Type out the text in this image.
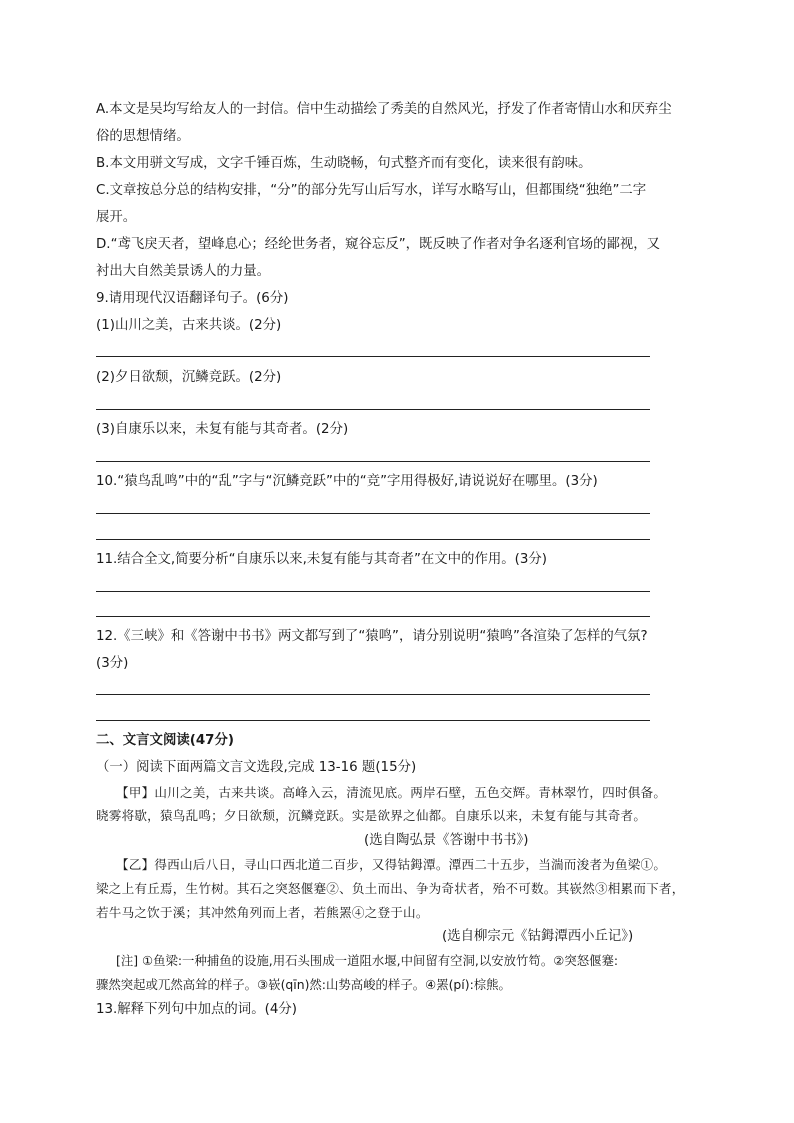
A.本文是吴均写给友人的一封信。信中生动描绘了秀美的自然风光，抒发了作者寄情山水和厌弃尘
俗的思想情绪。
B.本文用骈文写成，文字千锤百炼，生动晓畅，句式整齐而有变化，读来很有韵味。
C.文章按总分总的结构安排，“分”的部分先写山后写水，详写水略写山，但都围绕“独绝”二字
展开。
D.“鸢飞戾天者，望峰息心；经纶世务者，窥谷忘反”，既反映了作者对争名逐利官场的鄙视，又
衬出大自然美景诱人的力量。
9.请用现代汉语翻译句子。(6分)
(1)山川之美，古来共谈。(2分)
(2)夕日欲颓，沉鳞竞跃。(2分)
(3)自康乐以来，未复有能与其奇者。(2分)
10.“猿鸟乱鸣”中的“乱”字与“沉鳞竞跃”中的“竞”字用得极好,请说说好在哪里。(3分)
11.结合全文,简要分析“自康乐以来,未复有能与其奇者”在文中的作用。(3分)
12.《三峡》和《答谢中书书》两文都写到了“猿鸣”，请分别说明“猿鸣”各渲染了怎样的气氛?
(3分)
二、文言文阅读(47分)
（一）阅读下面两篇文言文选段,完成 13-16 题(15分)
【甲】山川之美，古来共谈。高峰入云，清流见底。两岸石壁，五色交辉。青林翠竹，四时俱备。
晓雾将歇，猿鸟乱鸣；夕日欲颓，沉鳞竞跃。实是欲界之仙都。自康乐以来，未复有能与其奇者。
(选自陶弘景《答谢中书书》)
【乙】得西山后八日，寻山口西北道二百步，又得钴鉧潭。潭西二十五步，当湍而浚者为鱼梁①。
梁之上有丘焉，生竹树。其石之突怒偃蹇②、负土而出、争为奇状者，殆不可数。其嵚然③相累而下者，
若牛马之饮于溪；其冲然角列而上者，若熊罴④之登于山。
(选自柳宗元《钴鉧潭西小丘记》)
[注] ①鱼梁:一种捕鱼的设施,用石头围成一道阻水堰,中间留有空洞,以安放竹笱。②突怒偃蹇:
骤然突起或兀然高耸的样子。③嵚(qīn)然:山势高峻的样子。④罴(pí):棕熊。
13.解释下列句中加点的词。(4分)
